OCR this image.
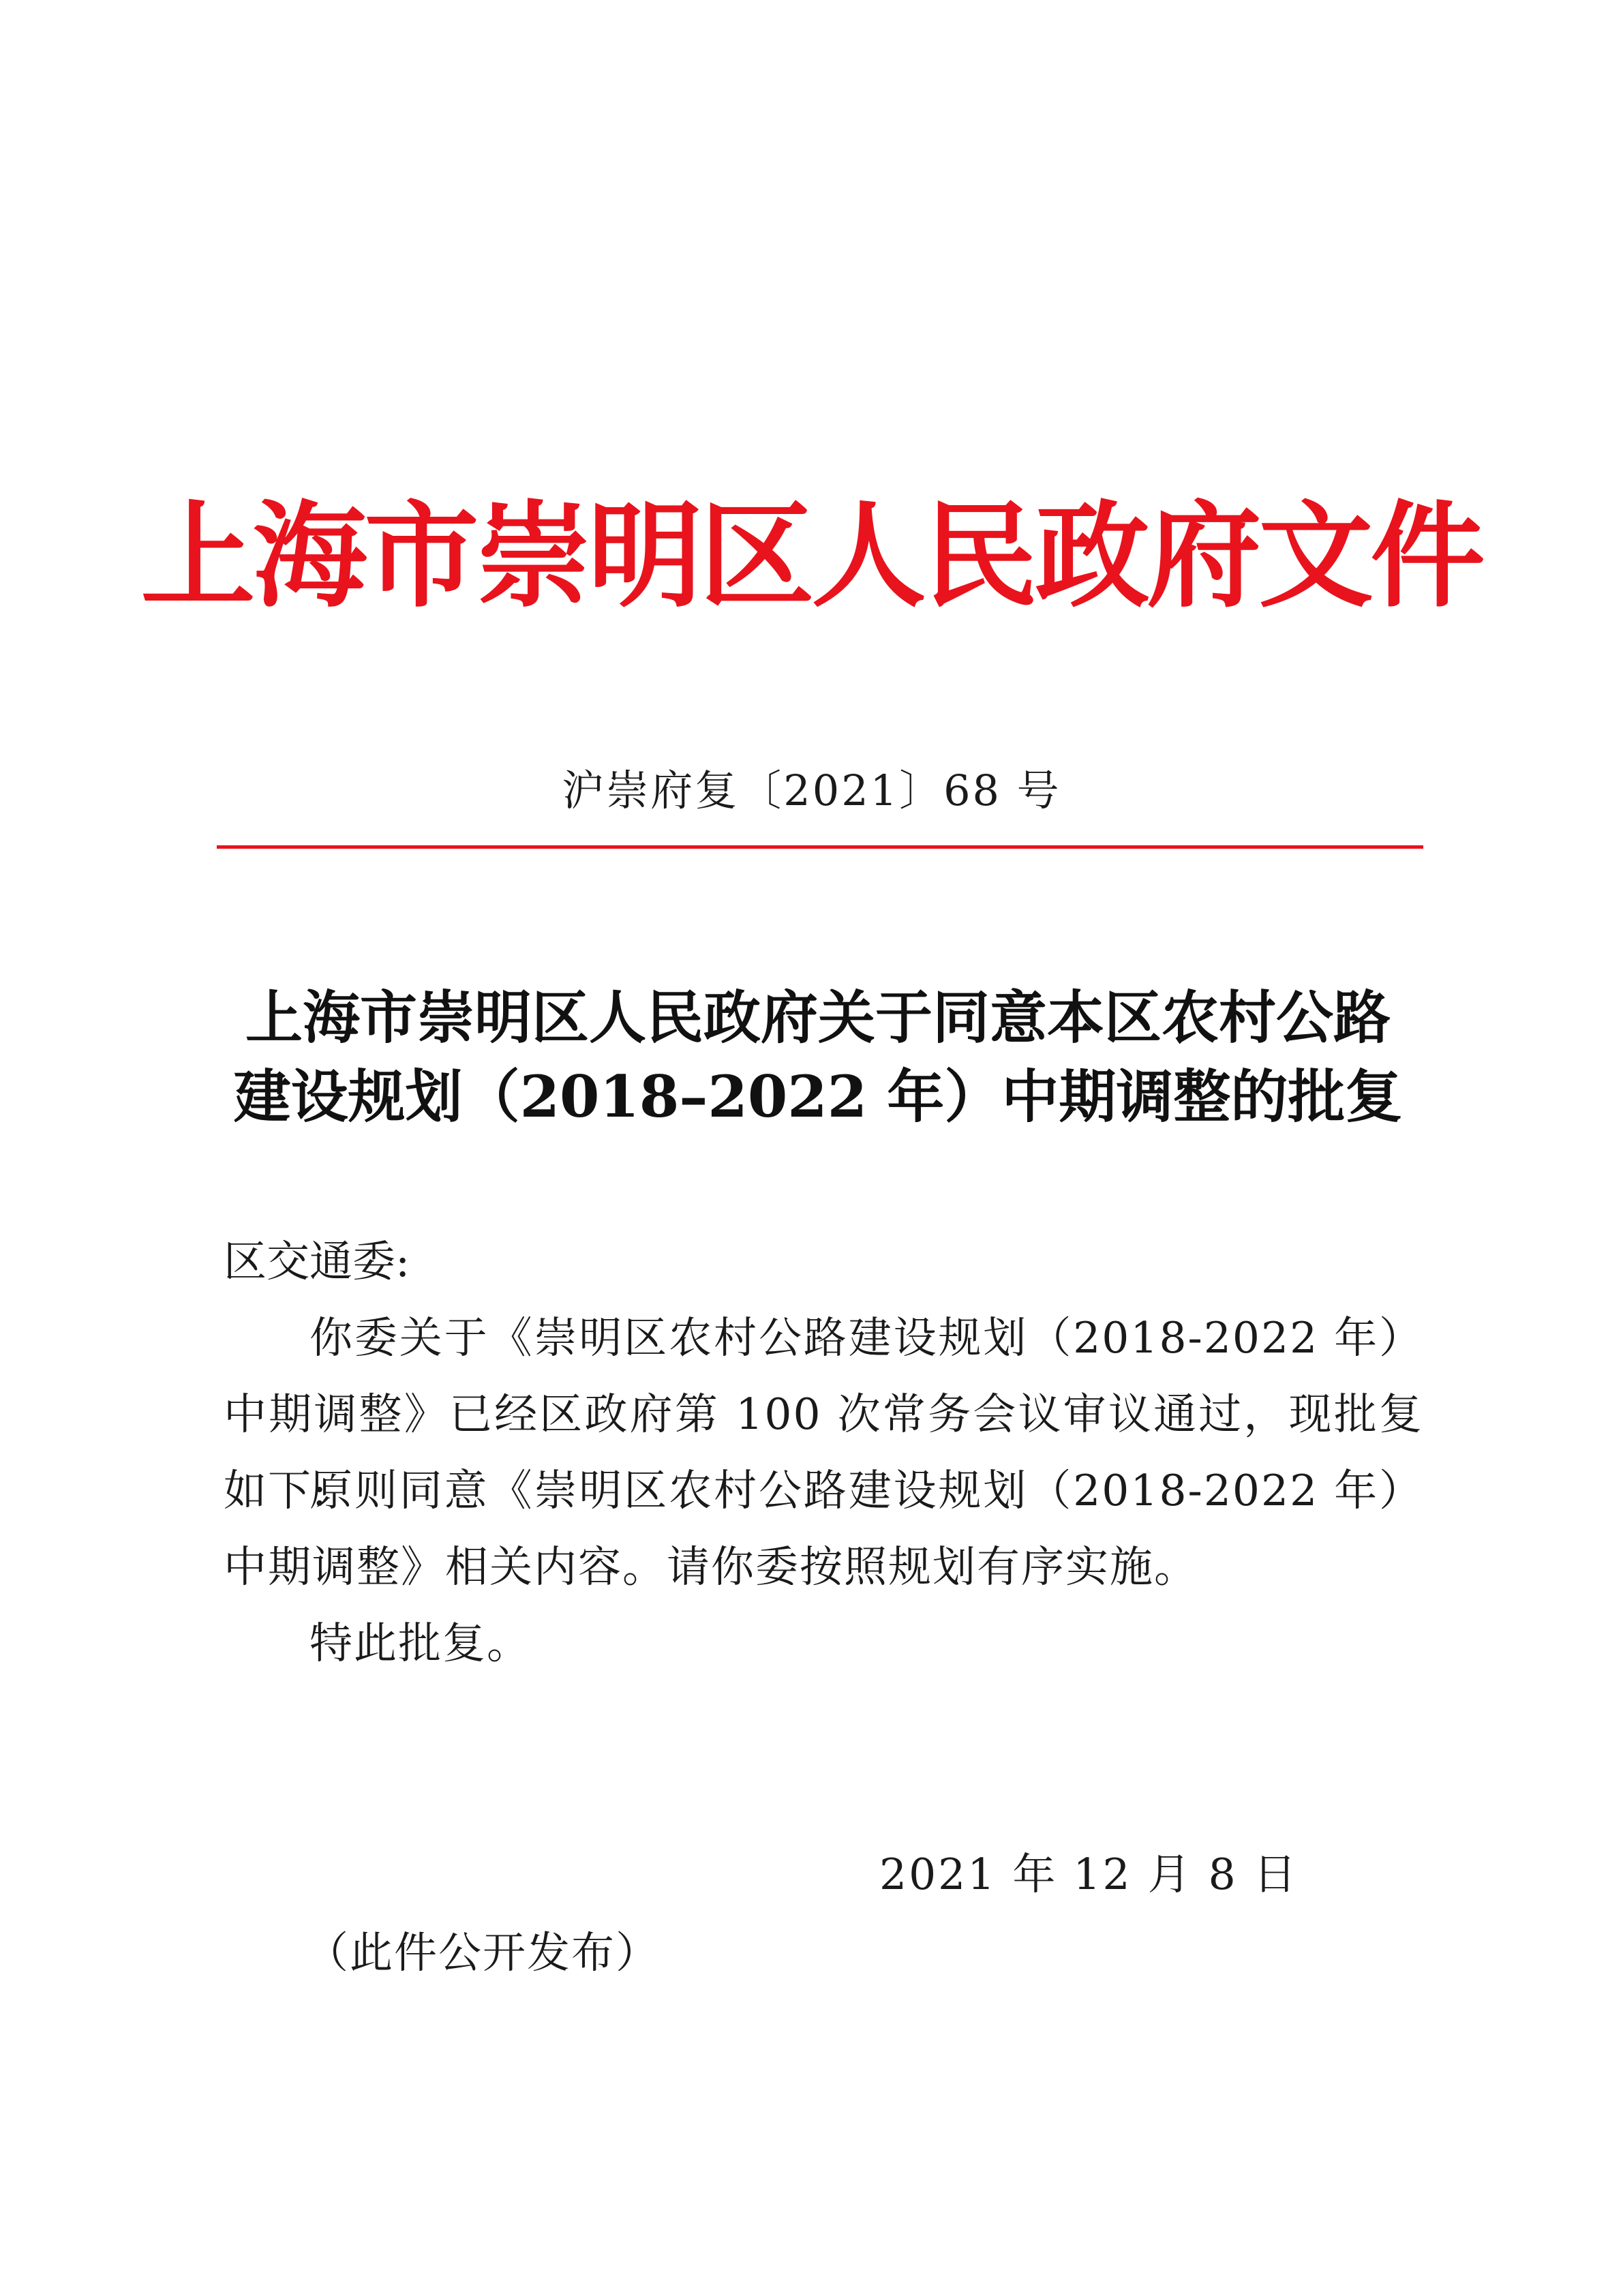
上海市崇明区人民政府文件
沪崇府复〔2021〕68 号
上海市崇明区人民政府关于同意本区农村公路
建设规划（2018–2022 年）中期调整的批复
区交通委:
你委关于《崇明区农村公路建设规划（2018-2022 年）中期调整》已经区政府第 100 次常务会议审议通过，现批复如下:
原则同意《崇明区农村公路建设规划（2018-2022 年）中期调整》相关内容。请你委按照规划有序实施。
特此批复。
2021 年 12 月 8 日
（此件公开发布）
